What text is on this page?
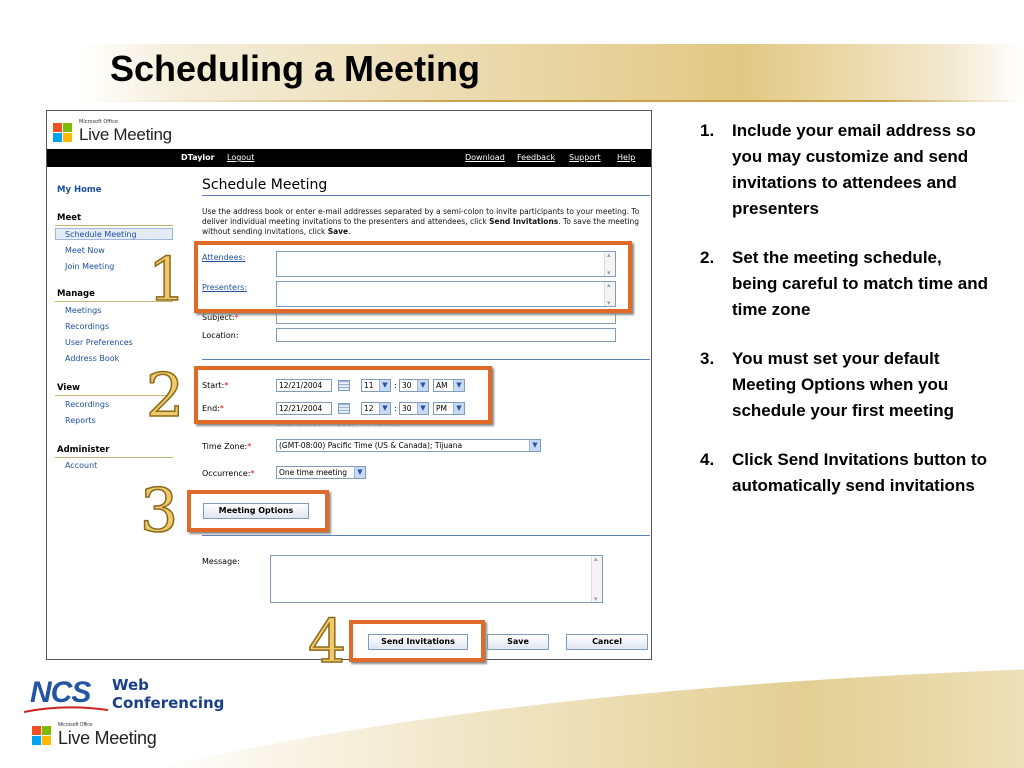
Scheduling a Meeting
Microsoft Office
Live Meeting
DTaylor Logout	Download Feedback Support Help
My Home
Meet
Schedule Meeting
Meet Now
Join Meeting
Manage
Meetings
Recordings
User Preferences
Address Book
View
Recordings
Reports
Administer
Account
Schedule Meeting
Use the address book or enter e-mail addresses separated by a semi-colon to invite participants to your meeting. To deliver individual meeting invitations to the presenters and attendees, click Send Invitations. To save the meeting without sending invitations, click Save.
Attendees:
▴ ▾
Presenters:
▴ ▾
Subject:*
Location:
Start:*	12/21/2004	11	▼ : 30	▼	AM	▼
End:*	12/21/2004	12	▼ : 30	▼	PM	▼
Enter dates in MM/DD/YYYY format.
Time Zone:*	(GMT-08:00) Pacific Time (US & Canada); Tijuana	▼
Occurrence:*	One time meeting	▼
Meeting Options
Message:
▴ ▾
Send Invitations	Save	Cancel
1
2
3
4
1.	Include your email address so you may customize and send invitations to attendees and presenters
2.	Set the meeting schedule, being careful to match time and time zone
3.	You must set your default Meeting Options when you schedule your first meeting
4.	Click Send Invitations button to automatically send invitations
NCS Web
Conferencing
Microsoft Office
Live Meeting
